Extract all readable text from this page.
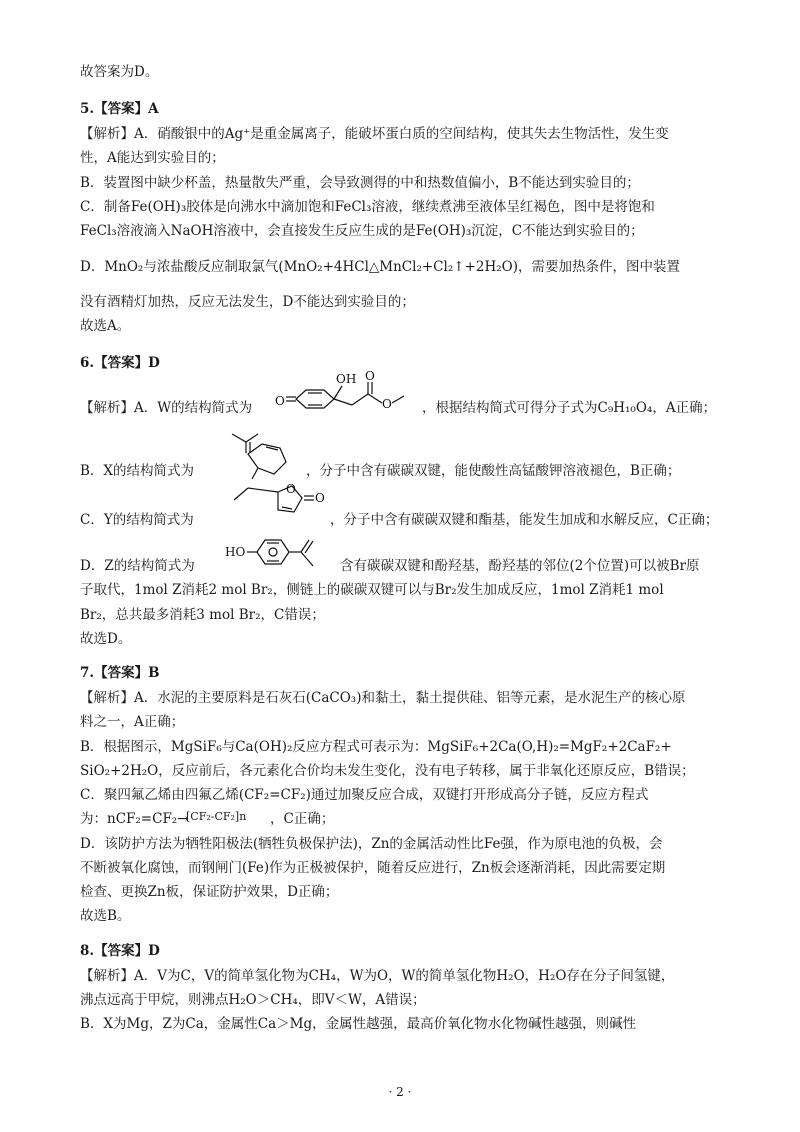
故答案为D。
5.【答案】A
【解析】A．硝酸银中的Ag⁺是重金属离子，能破坏蛋白质的空间结构，使其失去生物活性，发生变
性，A能达到实验目的；
B．装置图中缺少杯盖，热量散失严重，会导致测得的中和热数值偏小，B不能达到实验目的；
C．制备Fe(OH)₃胶体是向沸水中滴加饱和FeCl₃溶液，继续煮沸至液体呈红褐色，图中是将饱和
FeCl₃溶液滴入NaOH溶液中，会直接发生反应生成的是Fe(OH)₃沉淀，C不能达到实验目的；
D．MnO₂与浓盐酸反应制取氯气(MnO₂+4HCl△MnCl₂+Cl₂↑+2H₂O)，需要加热条件，图中装置
没有酒精灯加热，反应无法发生，D不能达到实验目的；
故选A。
6.【答案】D
【解析】A．W的结构简式为 O
OH O
O ，根据结构简式可得分子式为C₉H₁₀O₄，A正确；
B．X的结构简式为	，分子中含有碳碳双键，能使酸性高锰酸钾溶液褪色，B正确；
O
O
C．Y的结构简式为	，分子中含有碳碳双键和酯基，能发生加成和水解反应，C正确；
D．Z的结构简式为
HO
含有碳碳双键和酚羟基，酚羟基的邻位(2个位置)可以被Br原
子取代，1mol Z消耗2 mol Br₂，侧链上的碳碳双键可以与Br₂发生加成反应，1mol Z消耗1 mol
Br₂，总共最多消耗3 mol Br₂，C错误；
故选D。
7.【答案】B
【解析】A．水泥的主要原料是石灰石(CaCO₃)和黏土，黏土提供硅、铝等元素，是水泥生产的核心原
料之一，A正确；
B．根据图示，MgSiF₆与Ca(OH)₂反应方程式可表示为：MgSiF₆+2Ca(O,H)₂=MgF₂+2CaF₂+
SiO₂+2H₂O，反应前后，各元素化合价均未发生变化，没有电子转移，属于非氧化还原反应，B错误；
C．聚四氟乙烯由四氟乙烯(CF₂=CF₂)通过加聚反应合成，双键打开形成高分子链，反应方程式
为：nCF₂=CF₂→
[CF₂-CF₂]n ，C正确；
D．该防护方法为牺牲阳极法(牺牲负极保护法)，Zn的金属活动性比Fe强，作为原电池的负极，会
不断被氧化腐蚀，而钢闸门(Fe)作为正极被保护，随着反应进行，Zn板会逐渐消耗，因此需要定期
检查、更换Zn板，保证防护效果，D正确；
故选B。
8.【答案】D
【解析】A．V为C，V的简单氢化物为CH₄，W为O，W的简单氢化物H₂O，H₂O存在分子间氢键，
沸点远高于甲烷，则沸点H₂O＞CH₄，即V＜W，A错误；
B．X为Mg，Z为Ca，金属性Ca＞Mg，金属性越强，最高价氧化物水化物碱性越强，则碱性
· 2 ·
